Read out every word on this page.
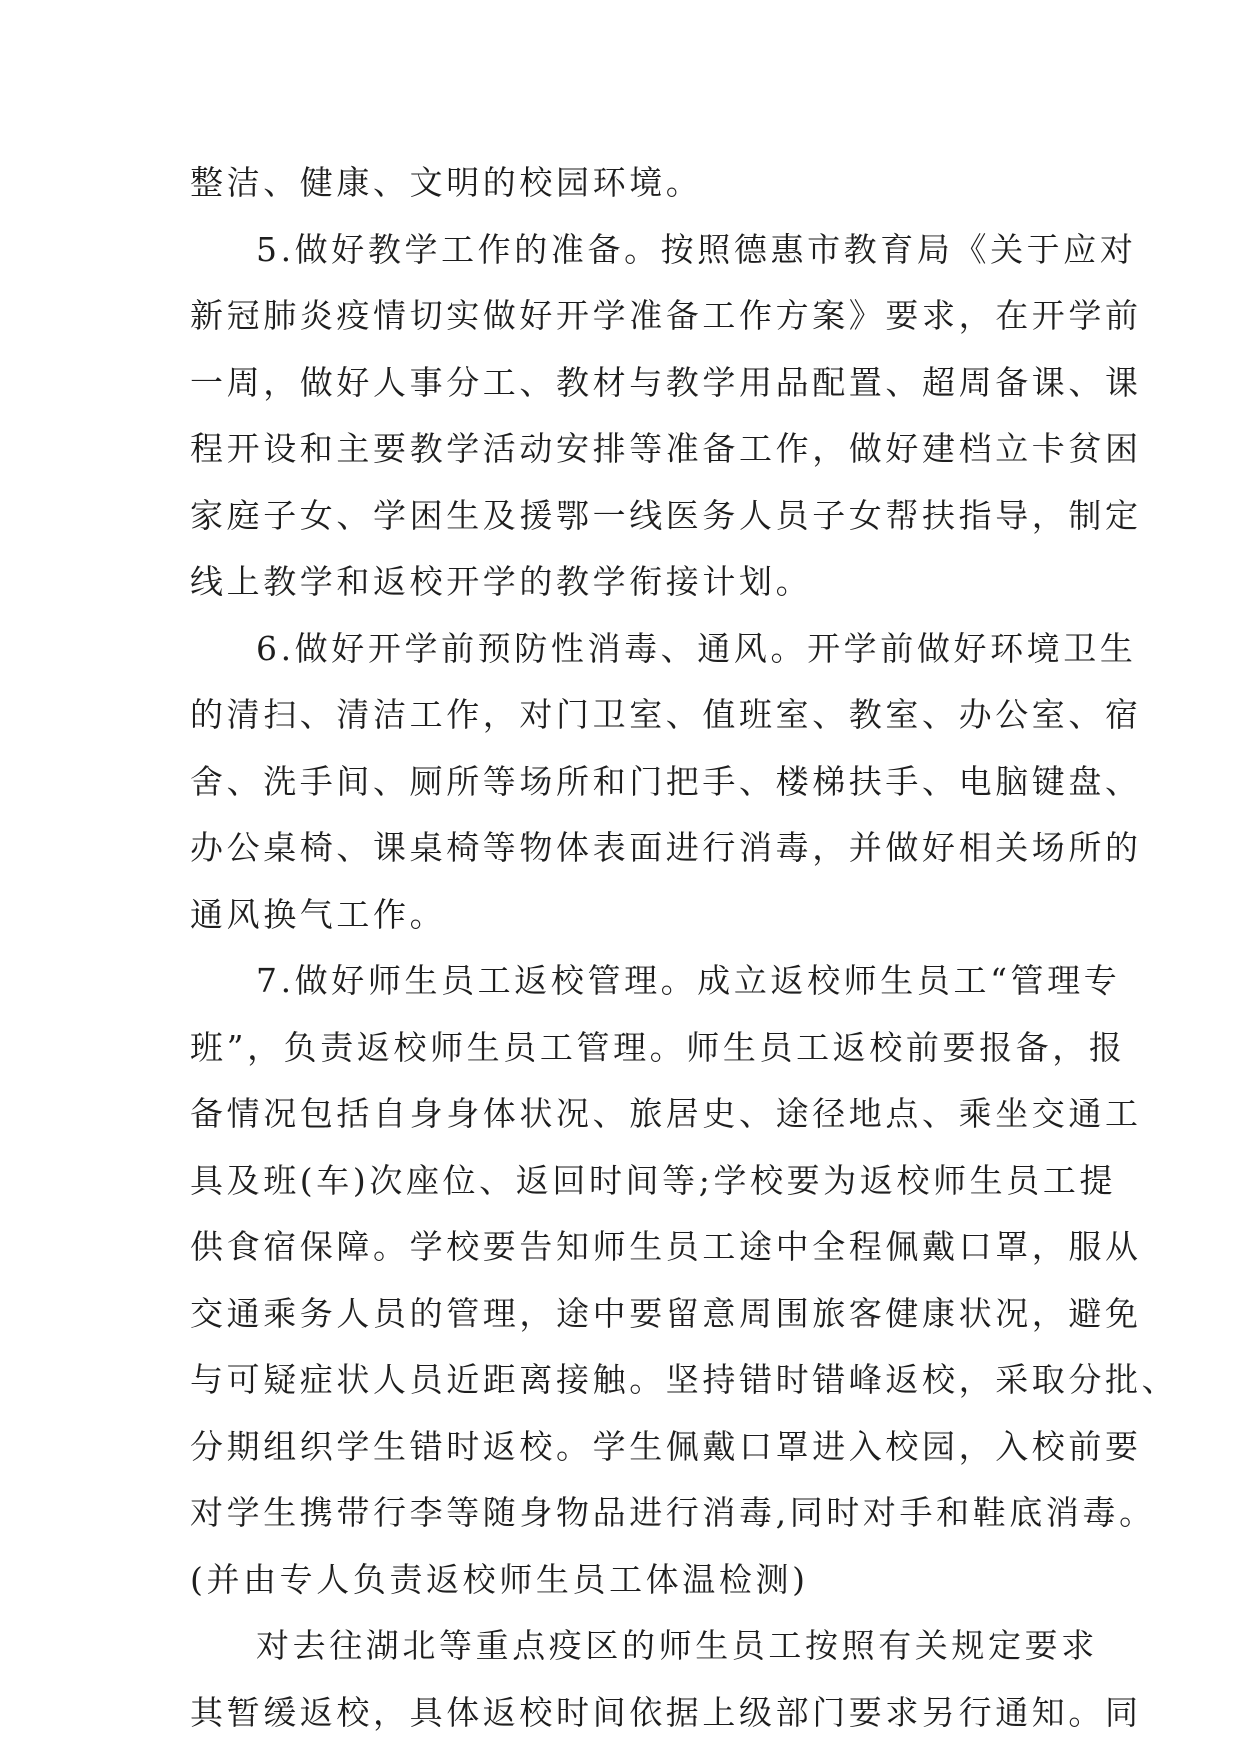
整洁、健康、文明的校园环境。
5.做好教学工作的准备。按照德惠市教育局《关于应对
新冠肺炎疫情切实做好开学准备工作方案》要求，在开学前
一周，做好人事分工、教材与教学用品配置、超周备课、课
程开设和主要教学活动安排等准备工作，做好建档立卡贫困
家庭子女、学困生及援鄂一线医务人员子女帮扶指导，制定
线上教学和返校开学的教学衔接计划。
6.做好开学前预防性消毒、通风。开学前做好环境卫生
的清扫、清洁工作，对门卫室、值班室、教室、办公室、宿
舍、洗手间、厕所等场所和门把手、楼梯扶手、电脑键盘、
办公桌椅、课桌椅等物体表面进行消毒，并做好相关场所的
通风换气工作。
7.做好师生员工返校管理。成立返校师生员工“管理专
班”，负责返校师生员工管理。师生员工返校前要报备，报
备情况包括自身身体状况、旅居史、途径地点、乘坐交通工
具及班(车)次座位、返回时间等;学校要为返校师生员工提
供食宿保障。学校要告知师生员工途中全程佩戴口罩，服从
交通乘务人员的管理，途中要留意周围旅客健康状况，避免
与可疑症状人员近距离接触。坚持错时错峰返校，采取分批、
分期组织学生错时返校。学生佩戴口罩进入校园，入校前要
对学生携带行李等随身物品进行消毒,同时对手和鞋底消毒。
(并由专人负责返校师生员工体温检测)
对去往湖北等重点疫区的师生员工按照有关规定要求
其暂缓返校，具体返校时间依据上级部门要求另行通知。同
